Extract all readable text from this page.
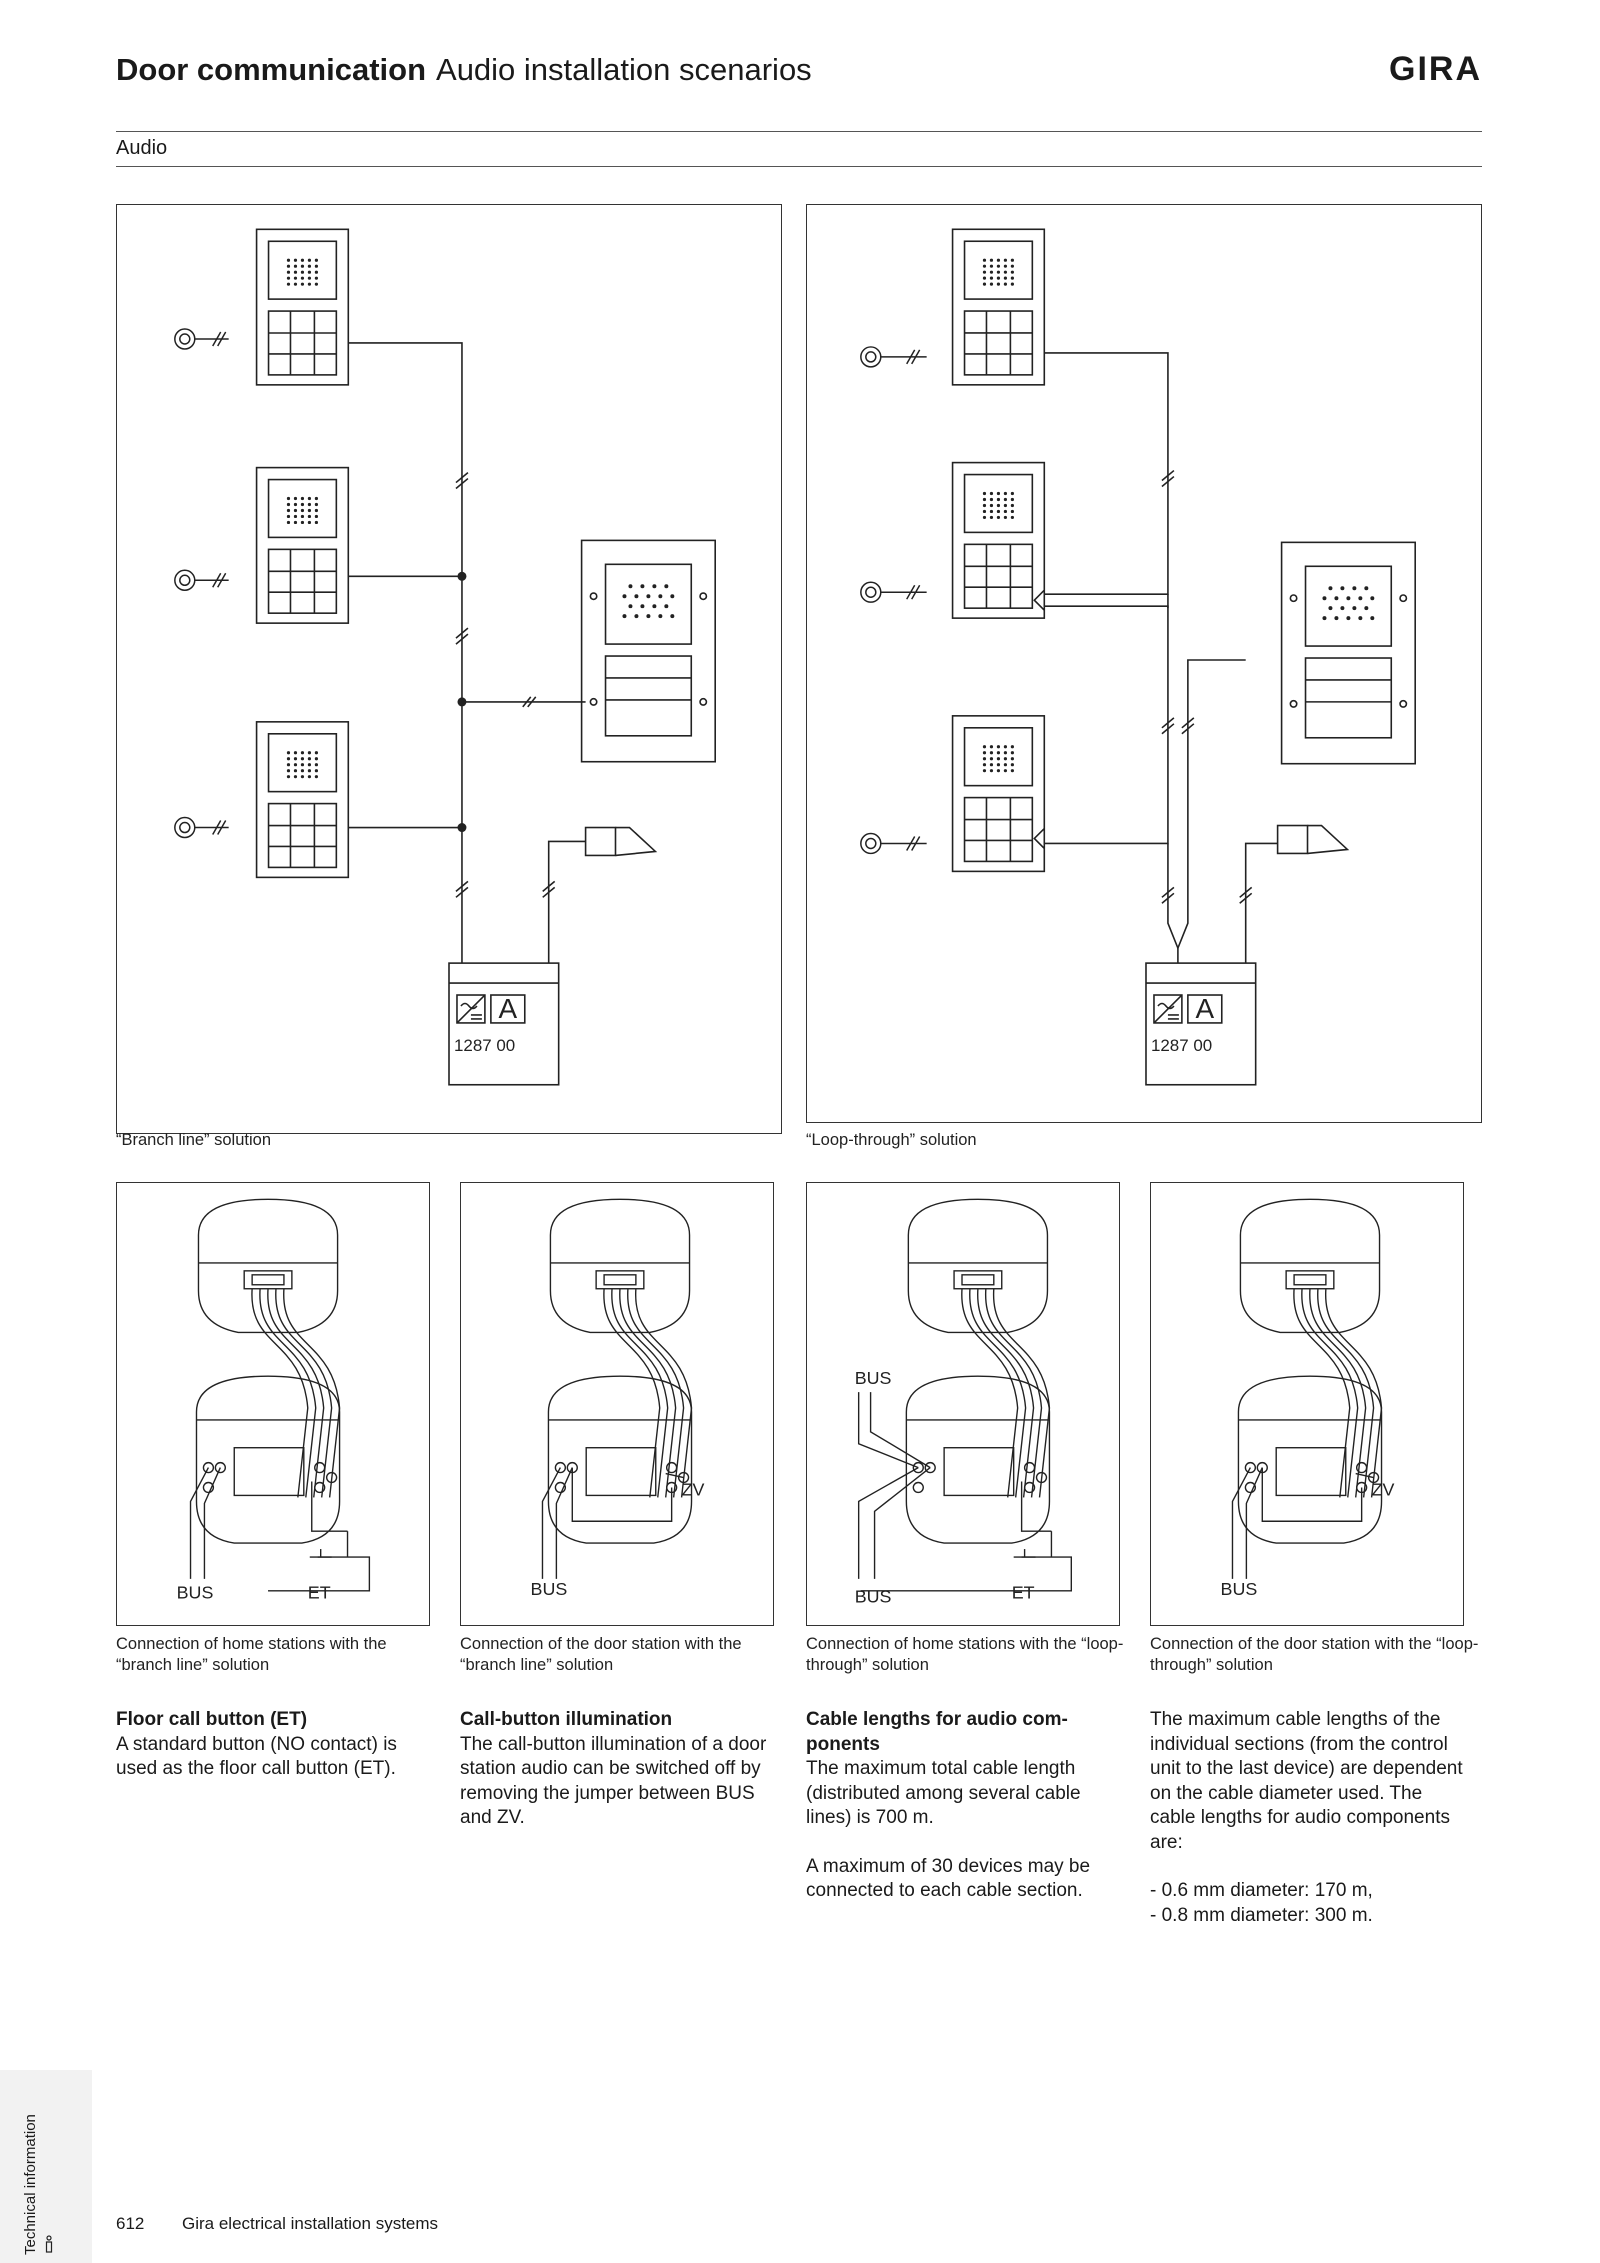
Door communication Audio installation scenarios	GIRA
Audio
A
1287 00
“Branch line” solution
A
1287 00
“Loop-through” solution
BUS	ET	BUS
ZV
BUS
BUS	ET	BUS
ZV
Connection of home stations with the “branch line” solution
Connection of the door station with the “branch line” solution
Connection of home stations with the “loop-through” solution
Connection of the door station with the “loop-through” solution

Floor call button (ET)

A standard button (NO contact) is used as the floor call button (ET).

Call-button illumination

The call-button illumination of a door station audio can be switched off by removing the jumper between BUS and ZV.

Cable lengths for audio components

The maximum total cable length (distributed among several cable lines) is 700 m.

A maximum of 30 devices may be connected to each cable section.

The maximum cable lengths of the individual sections (from the control unit to the last device) are dependent on the cable diameter used. The cable lengths for audio components are:

- 0.6 mm diameter: 170 m,

- 0.8 mm diameter: 300 m.

Technical information	612 Gira electrical installation systems
